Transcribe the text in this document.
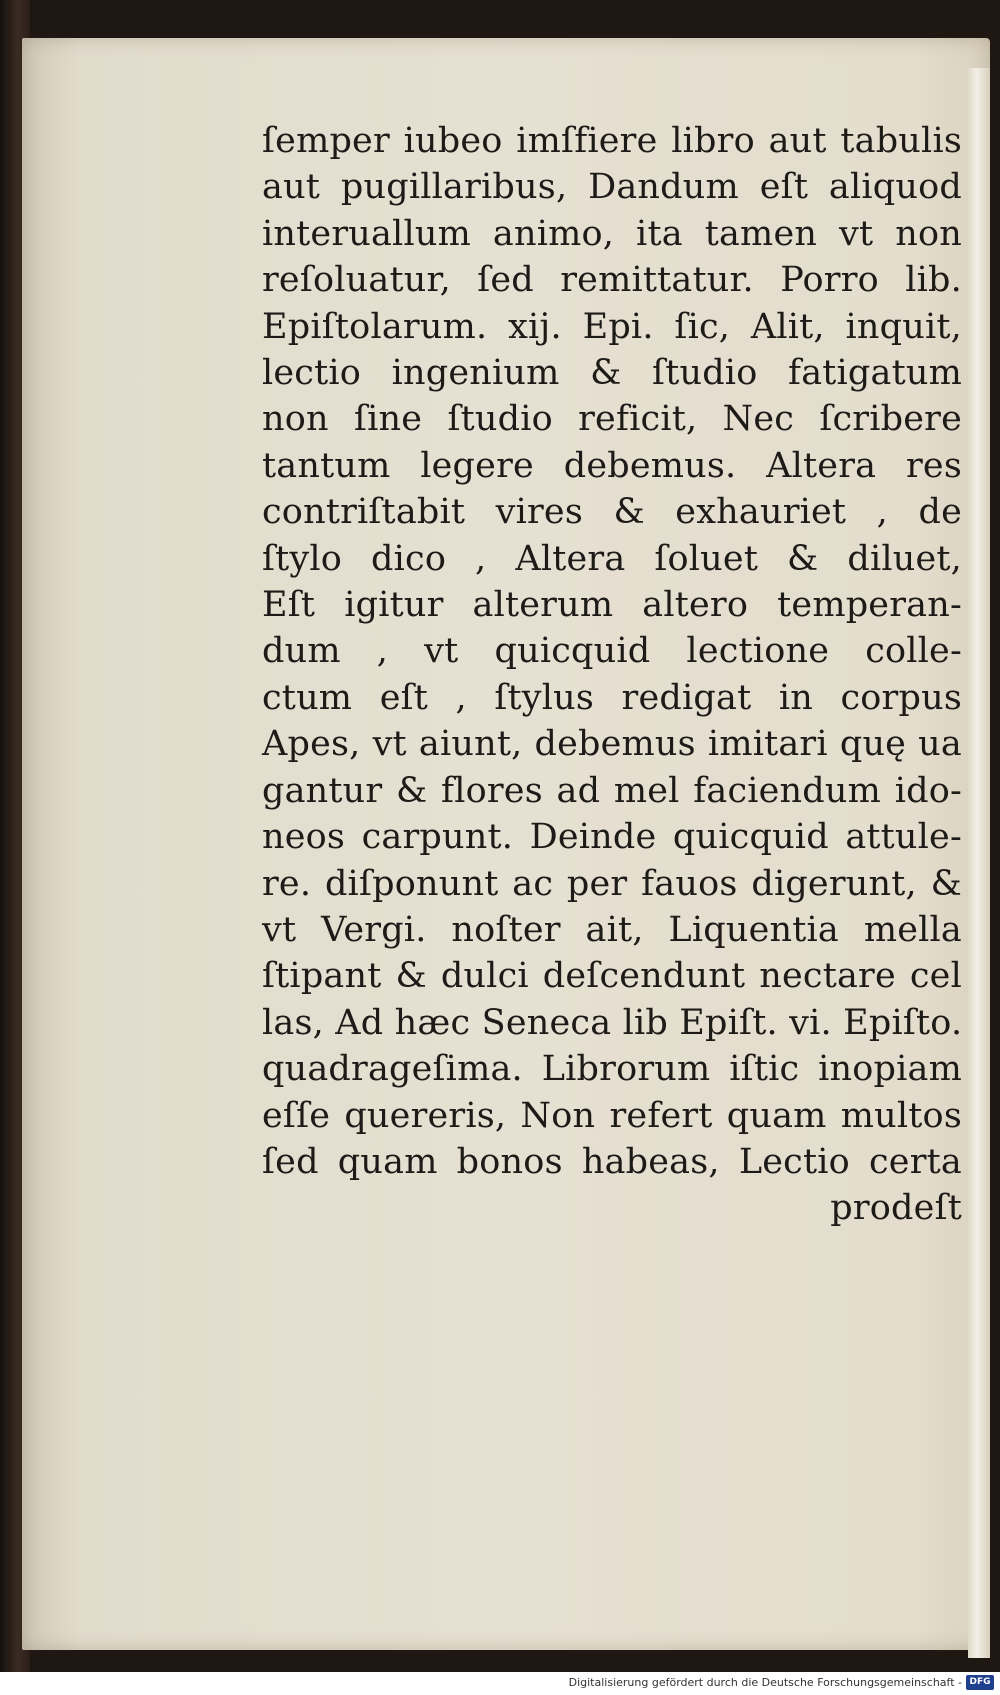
ſemper iubeo imſfiere libro aut tabulis
aut pugillaribus, Dandum eſt aliquod
interuallum animo, ita tamen vt non
reſoluatur, ſed remittatur. Porro lib.
Epiſtolarum. xij. Epi. ſic, Alit, inquit,
lectio ingenium & ſtudio fatigatum
non ſine ſtudio reficit, Nec ſcribere
tantum legere debemus. Altera res
contriſtabit vires & exhauriet , de
ſtylo dico , Altera ſoluet & diluet,
Eſt igitur alterum altero temperan-
dum , vt quicquid lectione colle-
ctum eſt , ſtylus redigat in corpus
Apes, vt aiunt, debemus imitari quę ua
gantur & flores ad mel faciendum ido-
neos carpunt. Deinde quicquid attule-
re. diſponunt ac per fauos digerunt, &
vt Vergi. noſter ait, Liquentia mella
ſtipant & dulci deſcendunt nectare cel
las, Ad hæc Seneca lib Epiſt. vi. Epiſto.
quadrageſima. Librorum iſtic inopiam
eſſe quereris, Non refert quam multos
ſed quam bonos habeas, Lectio certa
prodeſt
Digitalisierung gefördert durch die Deutsche Forschungsgemeinschaft - DFG
